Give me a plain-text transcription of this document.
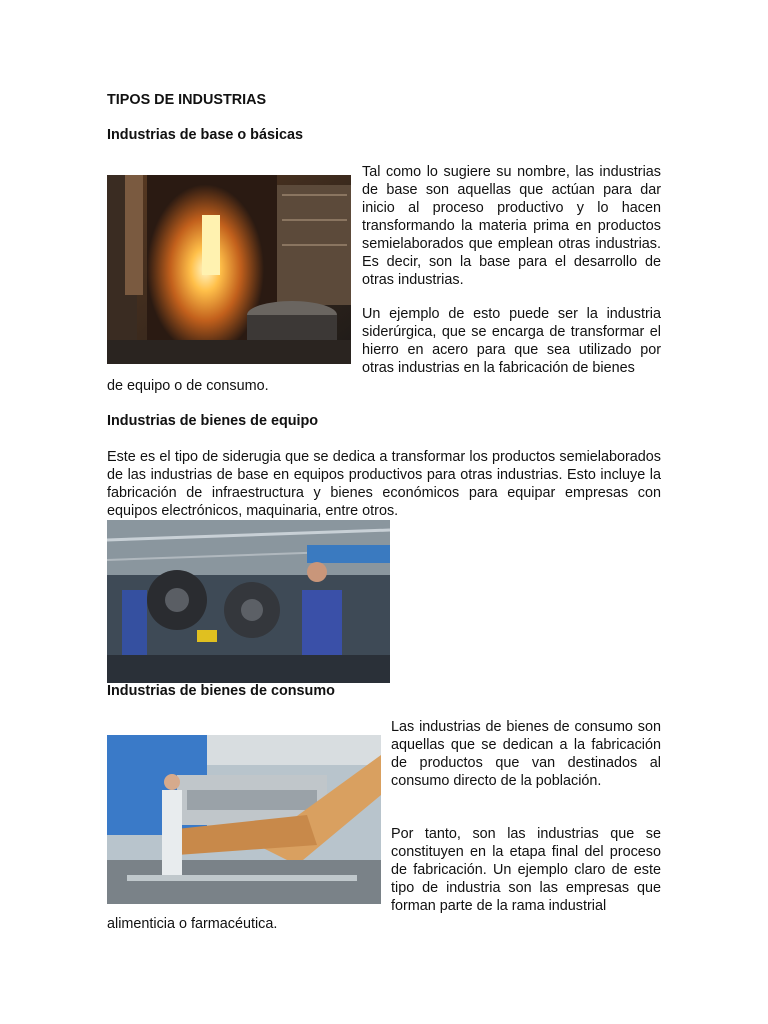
TIPOS DE INDUSTRIAS
Industrias de base o básicas

Tal como lo sugiere su nombre, las industrias de base son aquellas que actúan para dar inicio al proceso productivo y lo hacen transformando la materia prima en productos semielaborados que emplean otras industrias. Es decir, son la base para el desarrollo de otras industrias.

Un ejemplo de esto puede ser la industria siderúrgica, que se encarga de transformar el hierro en acero para que sea utilizado por otras industrias en la fabricación de bienes

de equipo o de consumo.

Industrias de bienes de equipo

Este es el tipo de siderugia que se dedica a transformar los productos semielaborados de las industrias de base en equipos productivos para otras industrias. Esto incluye la fabricación de infraestructura y bienes económicos para equipar empresas con equipos electrónicos, maquinaria, entre otros.

Industrias de bienes de consumo

Las industrias de bienes de consumo son aquellas que se dedican a la fabricación de productos que van destinados al consumo directo de la población.

Por tanto, son las industrias que se constituyen en la etapa final del proceso de fabricación. Un ejemplo claro de este tipo de industria son las empresas que forman parte de la rama industrial

alimenticia o farmacéutica.
